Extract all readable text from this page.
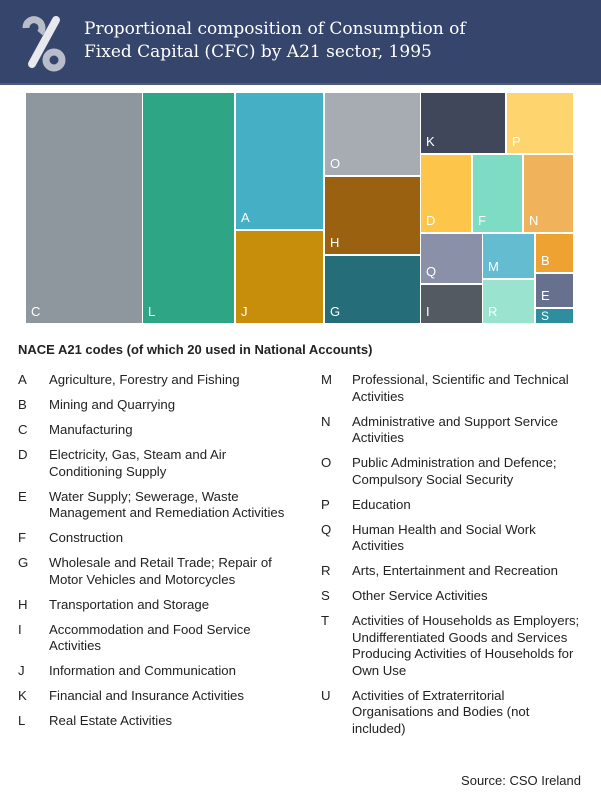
Proportional composition of Consumption of
Fixed Capital (CFC) by A21 sector, 1995
C	L
A
J
O
H
G
K	P
D	F	N
Q
I
M
R
B
E
S
NACE A21 codes (of which 20 used in National Accounts)
A	Agriculture, Forestry and Fishing
B	Mining and Quarrying
C	Manufacturing
D	Electricity, Gas, Steam and Air Conditioning Supply
E	Water Supply; Sewerage, Waste Management and Remediation Activities
F	Construction
G	Wholesale and Retail Trade; Repair of Motor Vehicles and Motorcycles
H	Transportation and Storage
I	Accommodation and Food Service Activities
J	Information and Communication
K	Financial and Insurance Activities
L	Real Estate Activities
M	Professional, Scientific and Technical Activities
N	Administrative and Support Service Activities
O	Public Administration and Defence; Compulsory Social Security
P	Education
Q	Human Health and Social Work Activities
R	Arts, Entertainment and Recreation
S	Other Service Activities
T	Activities of Households as Employers; Undifferentiated Goods and Services Producing Activities of Households for Own Use
U	Activities of Extraterritorial Organisations and Bodies (not included)
Source: CSO Ireland
